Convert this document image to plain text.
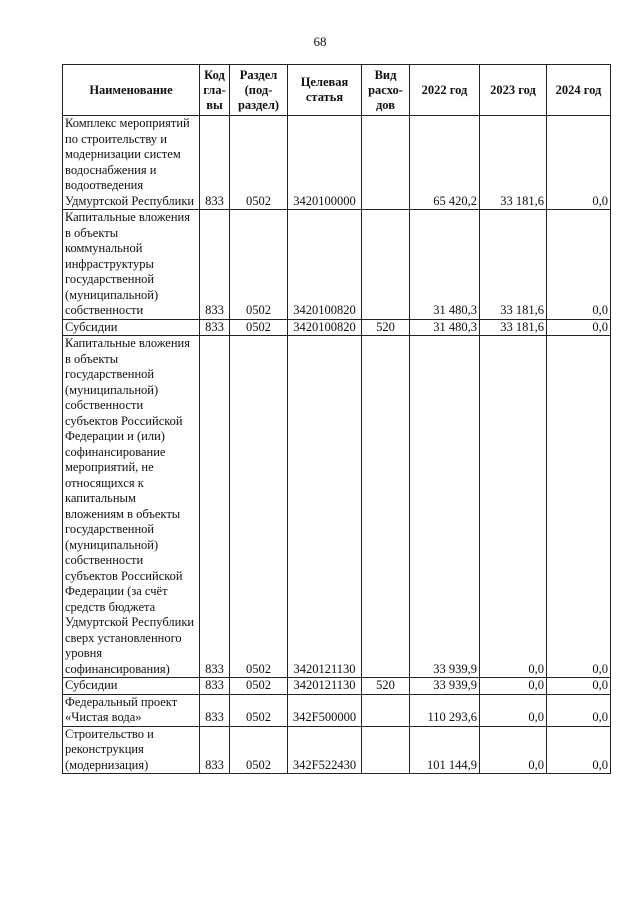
68
Наименование	Код гла-вы	Раздел (под-раздел)	Целевая статья	Вид расхо-дов	2022 год	2023 год	2024 год
Комплекс мероприятий по строительству и модернизации систем водоснабжения и водоотведения Удмуртской Республики	833	0502	3420100000		65 420,2	33 181,6	0,0
Капитальные вложения в объекты коммунальной инфраструктуры государственной (муниципальной) собственности	833	0502	3420100820		31 480,3	33 181,6	0,0
Субсидии	833	0502	3420100820	520	31 480,3	33 181,6	0,0
Капитальные вложения в объекты государственной (муниципальной) собственности субъектов Российской Федерации и (или) софинансирование мероприятий, не относящихся к капитальным вложениям в объекты государственной (муниципальной) собственности субъектов Российской Федерации (за счёт средств бюджета Удмуртской Республики сверх установленного уровня софинансирования)	833	0502	3420121130		33 939,9	0,0	0,0
Субсидии	833	0502	3420121130	520	33 939,9	0,0	0,0
Федеральный проект «Чистая вода»	833	0502	342F500000		110 293,6	0,0	0,0
Строительство и реконструкция (модернизация)	833	0502	342F522430		101 144,9	0,0	0,0
